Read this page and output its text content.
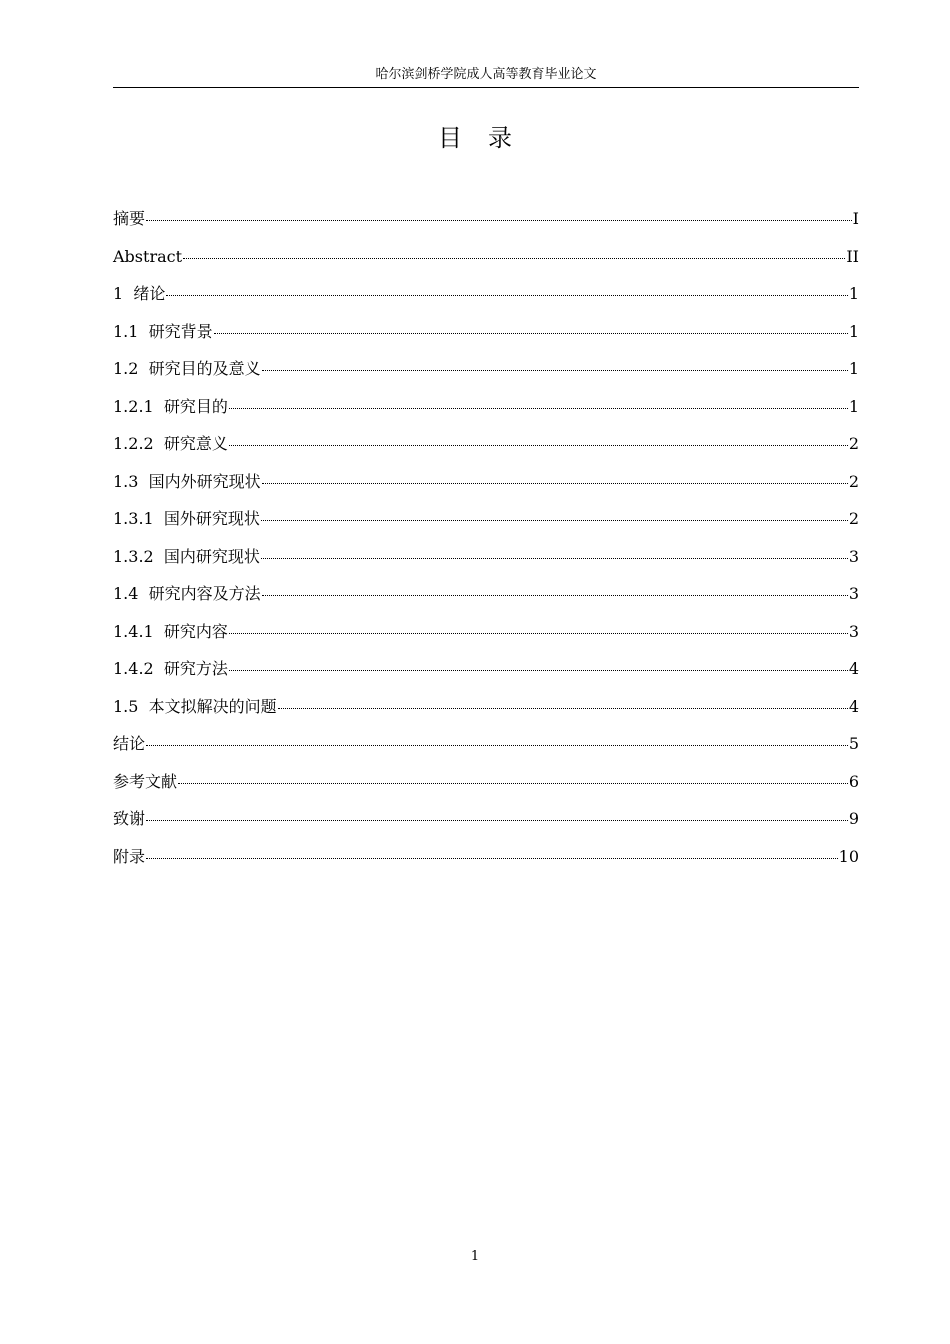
哈尔滨剑桥学院成人高等教育毕业论文
目录
摘要	I
Abstract	II
1  绪论	1
1.1  研究背景	1
1.2  研究目的及意义	1
1.2.1  研究目的	1
1.2.2  研究意义	2
1.3  国内外研究现状	2
1.3.1  国外研究现状	2
1.3.2  国内研究现状	3
1.4  研究内容及方法	3
1.4.1  研究内容	3
1.4.2  研究方法	4
1.5  本文拟解决的问题	4
结论	5
参考文献	6
致谢	9
附录	10
1
